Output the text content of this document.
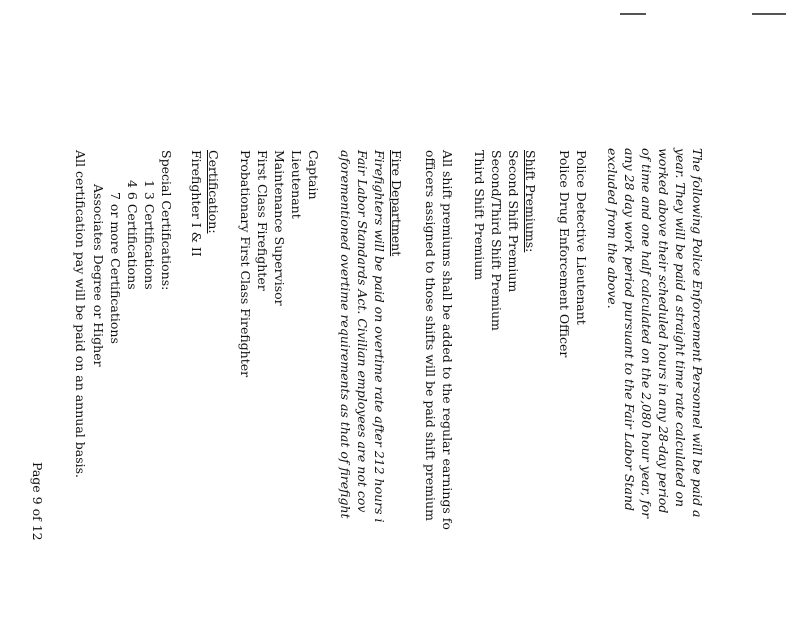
The following Police Enforcement Personnel will be paid a
year. They will be paid a straight time rate calculated on
worked above their scheduled hours in any 28-day period
of time and one half calculated on the 2,080 hour year, for
any 28 day work period pursuant to the Fair Labor Stand
excluded from the above.
Police Detective Lieutenant
Police Drug Enforcement Officer
Shift Premiums:
Second Shift Premium
Second/Third Shift Premium
Third Shift Premium
All shift premiums shall be added to the regular earnings fo
officers assigned to those shifts will be paid shift premium
Fire Department
Firefighters will be paid on overtime rate after 212 hours i
Fair Labor Standards Act. Civilian employees are not cov
aforementioned overtime requirements as that of firefight
Captain
Lieutenant
Maintenance Supervisor
First Class Firefighter
Probationary First Class Firefighter
Certification:
Firefighter I & II
Special Certifications:
1 3 Certifications
4 6 Certifications
7 or more Certifications
Associates Degree or Higher
All certification pay will be paid on an annual basis.
Page 9 of 12
